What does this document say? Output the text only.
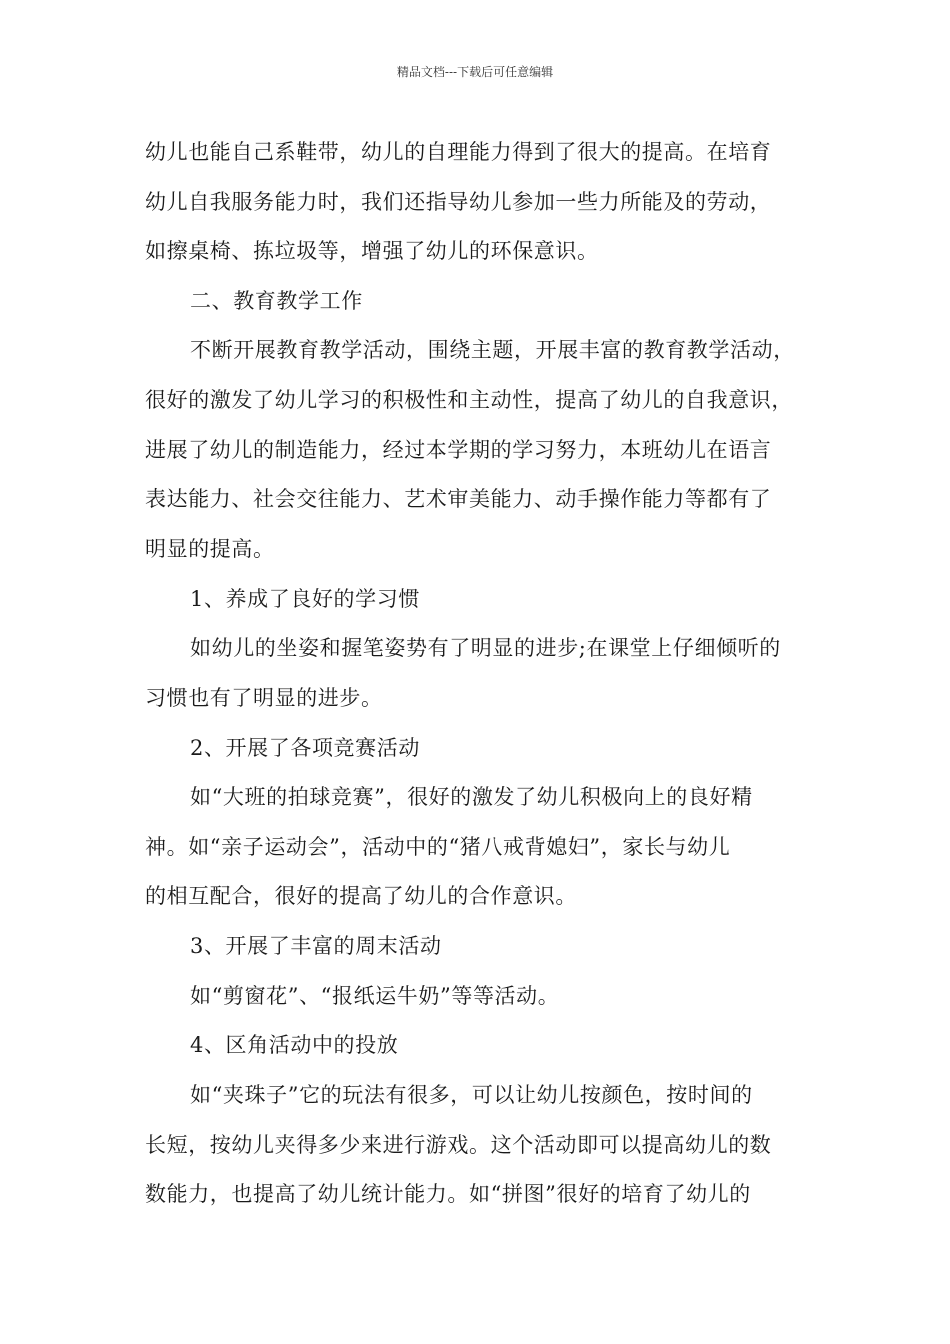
精品文档---下载后可任意编辑
幼儿也能自己系鞋带，幼儿的自理能力得到了很大的提高。在培育
幼儿自我服务能力时，我们还指导幼儿参加一些力所能及的劳动，
如擦桌椅、拣垃圾等，增强了幼儿的环保意识。
二、教育教学工作
不断开展教育教学活动，围绕主题，开展丰富的教育教学活动，
很好的激发了幼儿学习的积极性和主动性，提高了幼儿的自我意识，
进展了幼儿的制造能力，经过本学期的学习努力，本班幼儿在语言
表达能力、社会交往能力、艺术审美能力、动手操作能力等都有了
明显的提高。
1、养成了良好的学习惯
如幼儿的坐姿和握笔姿势有了明显的进步;在课堂上仔细倾听的
习惯也有了明显的进步。
2、开展了各项竞赛活动
如“大班的拍球竞赛”，很好的激发了幼儿积极向上的良好精
神。如“亲子运动会”，活动中的“猪八戒背媳妇”，家长与幼儿
的相互配合，很好的提高了幼儿的合作意识。
3、开展了丰富的周末活动
如“剪窗花”、“报纸运牛奶”等等活动。
4、区角活动中的投放
如“夹珠子”它的玩法有很多，可以让幼儿按颜色，按时间的
长短，按幼儿夹得多少来进行游戏。这个活动即可以提高幼儿的数
数能力，也提高了幼儿统计能力。如“拼图”很好的培育了幼儿的
